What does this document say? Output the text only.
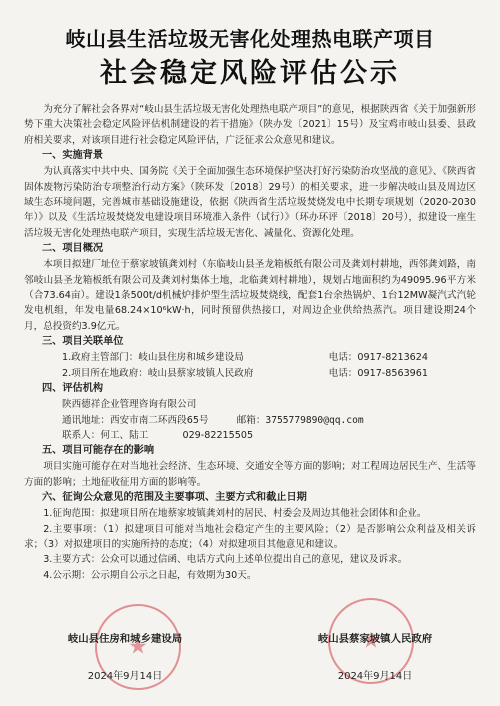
岐山县生活垃圾无害化处理热电联产项目
社会稳定风险评估公示
为充分了解社会各界对“岐山县生活垃圾无害化处理热电联产项目”的意见，根据陕西省《关于加强新形势下重大决策社会稳定风险评估机制建设的若干措施》（陕办发〔2021〕15号）及宝鸡市岐山县委、县政府相关要求，对该项目进行社会稳定风险评估，广泛征求公众意见和建议。
一、实施背景
为认真落实中共中央、国务院《关于全面加强生态环境保护坚决打好污染防治攻坚战的意见》、《陕西省固体废物污染防治专项整治行动方案》（陕环发〔2018〕29号）的相关要求，进一步解决岐山县及周边区域生态环境问题，完善城市基础设施建设，依据《陕西省生活垃圾焚烧发电中长期专项规划（2020-2030年）》以及《生活垃圾焚烧发电建设项目环境准入条件（试行）》（环办环评〔2018〕20号），拟建设一座生活垃圾无害化处理热电联产项目，实现生活垃圾无害化、减量化、资源化处理。
二、项目概况
本项目拟建厂址位于蔡家坡镇龚刘村（东临岐山县圣龙箱板纸有限公司及龚刘村耕地，西邻龚刘路，南邻岐山县圣龙箱板纸有限公司及龚刘村集体土地，北临龚刘村耕地），规划占地面积约为49095.96平方米（合73.64亩）。建设1条500t/d机械炉排炉型生活垃圾焚烧线，配套1台余热锅炉、1台12MW凝汽式汽轮发电机组，年发电量68.24×10⁶kW·h，同时预留供热接口，对周边企业供给热蒸汽。项目建设期24个月，总投资约3.9亿元。
三、项目关联单位
1.政府主管部门：岐山县住房和城乡建设局	电话：0917-8213624
2.项目所在地政府：岐山县蔡家坡镇人民政府	电话：0917-8563961
四、评估机构
陕西德祥企业管理咨询有限公司
通讯地址：西安市南二环西段65号	邮箱：3755779890@qq.com
联系人：何工、陆工	029-82215505
五、项目可能存在的影响
项目实施可能存在对当地社会经济、生态环境、交通安全等方面的影响；对工程周边居民生产、生活等方面的影响；土地征收征用方面的影响等。
六、征询公众意见的范围及主要事项、主要方式和截止日期
1.征询范围：拟建项目所在地蔡家坡镇龚刘村的居民、村委会及周边其他社会团体和企业。
2.主要事项：（1）拟建项目可能对当地社会稳定产生的主要风险；（2）是否影响公众利益及相关诉求；（3）对拟建项目的实施所持的态度；（4）对拟建项目其他意见和建议。
3.主要方式：公众可以通过信函、电话方式向上述单位提出自己的意见，建议及诉求。
4.公示期：公示期自公示之日起，有效期为30天。
★
★
岐山县住房和城乡建设局
2024年9月14日
岐山县蔡家坡镇人民政府
2024年9月14日
